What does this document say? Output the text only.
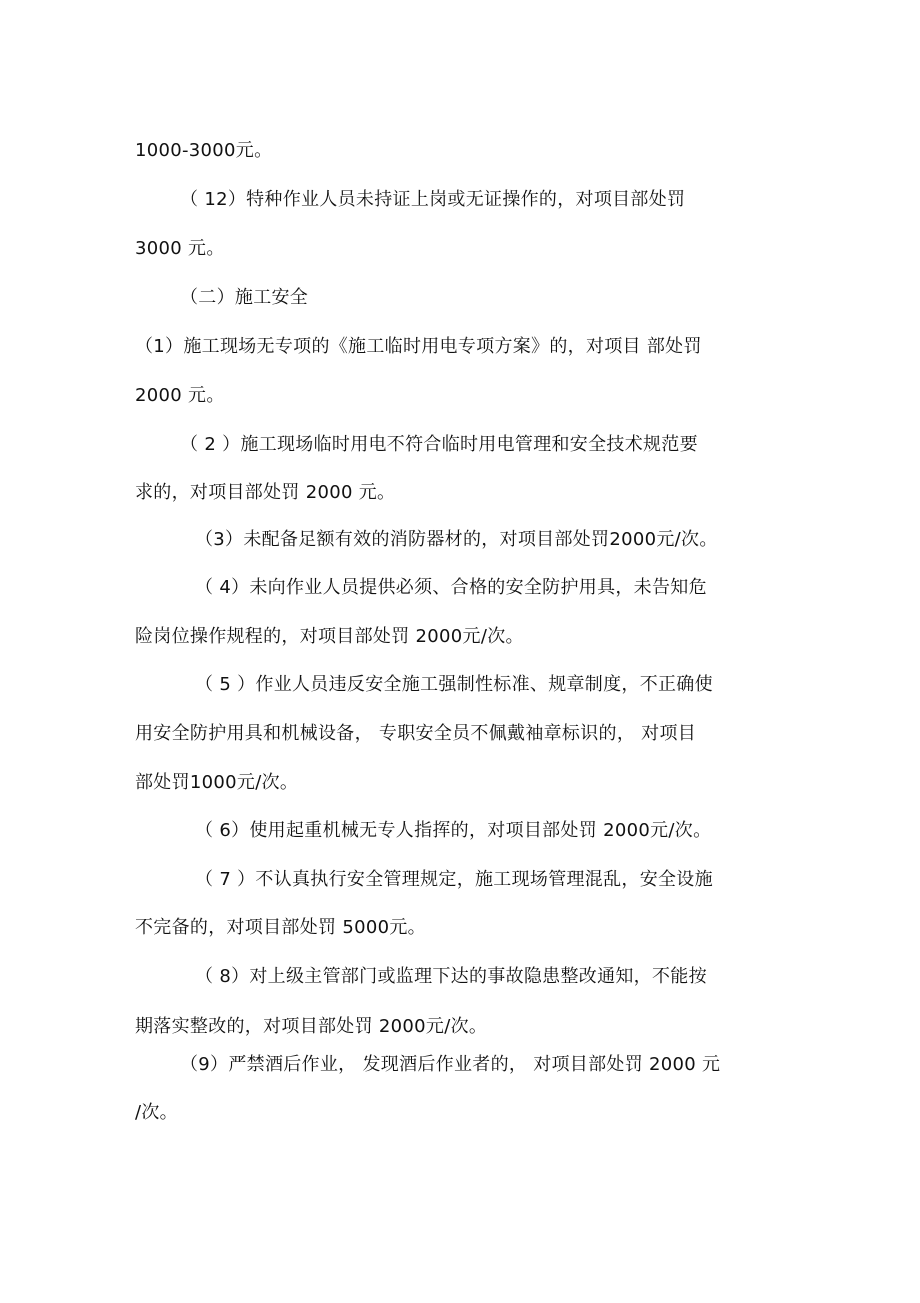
1000-3000元。
（ 12）特种作业人员未持证上岗或无证操作的，对项目部处罚
3000 元。
（二）施工安全
（1）施工现场无专项的《施工临时用电专项方案》的，对项目 部处罚
2000 元。
（ 2 ）施工现场临时用电不符合临时用电管理和安全技术规范要
求的，对项目部处罚 2000 元。
（3）未配备足额有效的消防器材的，对项目部处罚2000元/次。
（ 4）未向作业人员提供必须、合格的安全防护用具，未告知危
险岗位操作规程的，对项目部处罚 2000元/次。
（ 5 ）作业人员违反安全施工强制性标准、规章制度，不正确使
用安全防护用具和机械设备， 专职安全员不佩戴袖章标识的， 对项目
部处罚1000元/次。
（ 6）使用起重机械无专人指挥的，对项目部处罚 2000元/次。
（ 7 ）不认真执行安全管理规定，施工现场管理混乱，安全设施
不完备的，对项目部处罚 5000元。
（ 8）对上级主管部门或监理下达的事故隐患整改通知，不能按
期落实整改的，对项目部处罚 2000元/次。
（9）严禁酒后作业， 发现酒后作业者的， 对项目部处罚 2000 元
/次。
